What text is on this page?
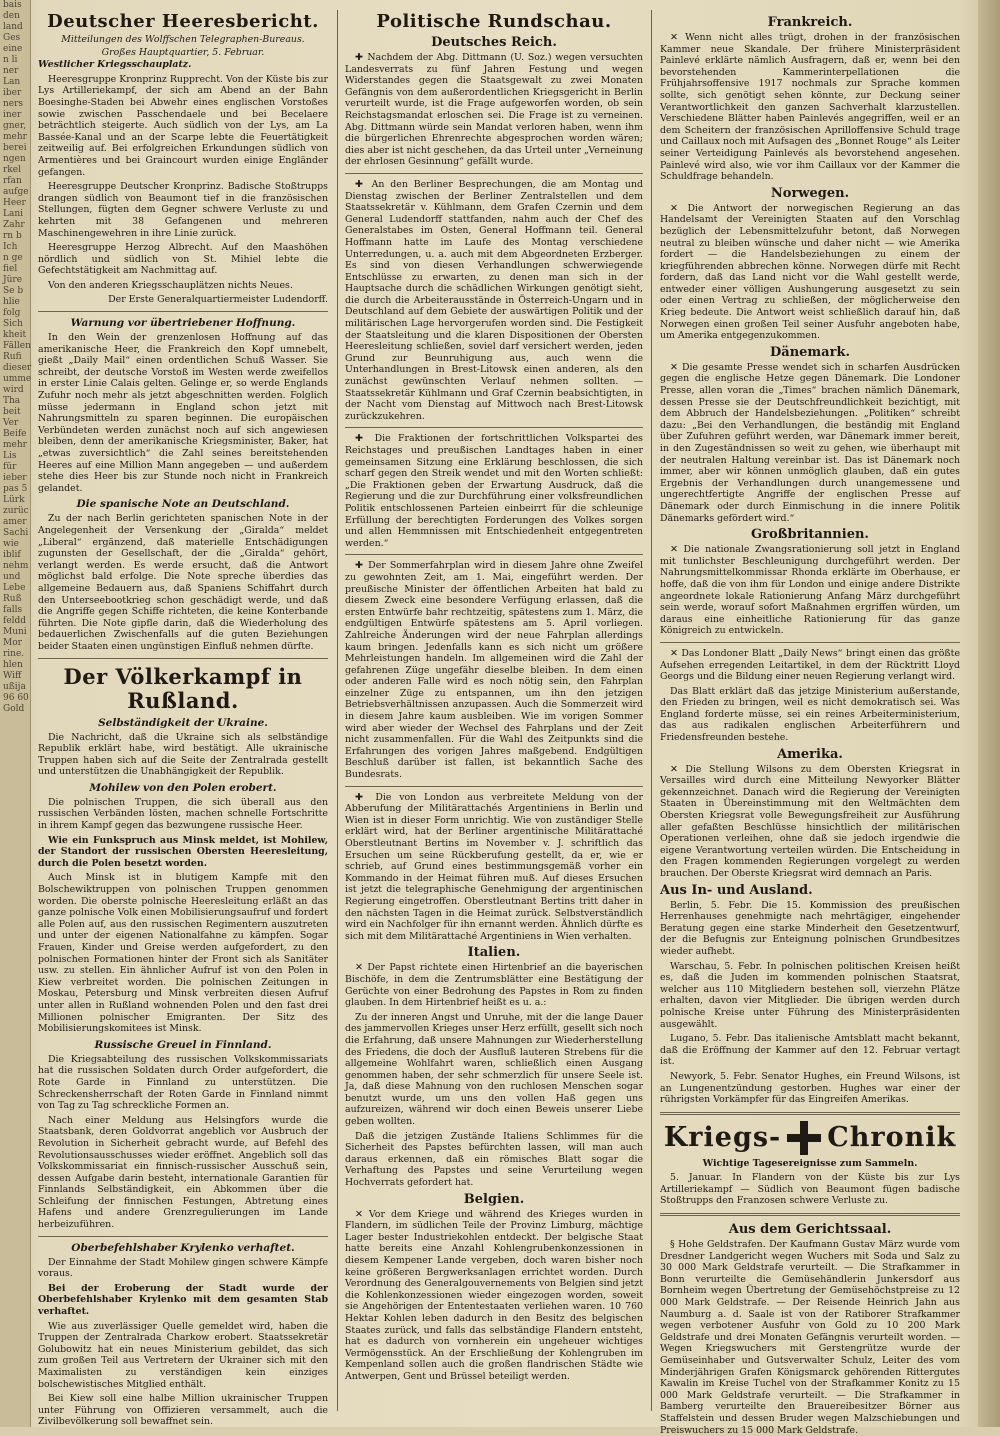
bais
den
land
Ges
eine
n li
ner
Lan
iber
ners
iner
gner,
mehr
berei
ngen
rkel
rfan
aufge
Heer
Lani
Zahr
rn b
Ich
n ge
fiel
Jüre
Se b
hlie
folg
Sich
kheit
Fällen
Rufi
dieser
umme
wird
Tha
beit
Ver
Beife
mehr
Lis
für
ieber
pas 5
Lürk
zurüc
amer
Sachi
wie
iblif
nehm
und
Lebe
Ruß
falls
feldd
Muni
Mor
rine.
hlen
Wiff
ußija
96 60
Gold
Deutscher Heeresbericht.
Mitteilungen des Wolffschen Telegraphen-Bureaus.
Großes Hauptquartier, 5. Februar.

Westlicher Kriegsschauplatz.

Heeresgruppe Kronprinz Rupprecht. Von der Küste bis zur Lys Artilleriekampf, der sich am Abend an der Bahn Boesinghe-Staden bei Abwehr eines englischen Vorstoßes sowie zwischen Passchendaele und bei Becelaere beträchtlich steigerte. Auch südlich von der Lys, am La Bassée-Kanal und an der Scarpe lebte die Feuertätigkeit zeitweilig auf. Bei erfolgreichen Erkundungen südlich von Armentières und bei Graincourt wurden einige Engländer gefangen.

Heeresgruppe Deutscher Kronprinz. Badische Stoßtrupps drangen südlich von Beaumont tief in die französischen Stellungen, fügten dem Gegner schwere Verluste zu und kehrten mit 38 Gefangenen und mehreren Maschinengewehren in ihre Linie zurück.

Heeresgruppe Herzog Albrecht. Auf den Maashöhen nördlich und südlich von St. Mihiel lebte die Gefechtstätigkeit am Nachmittag auf.

Von den anderen Kriegsschauplätzen nichts Neues.

Der Erste Generalquartiermeister Ludendorff.

Warnung vor übertriebener Hoffnung.

In den Wein der grenzenlosen Hoffnung auf das amerikanische Heer, die Frankreich den Kopf umnebelt, gießt „Daily Mail“ einen ordentlichen Schuß Wasser. Sie schreibt, der deutsche Vorstoß im Westen werde zweifellos in erster Linie Calais gelten. Gelinge er, so werde Englands Zufuhr noch mehr als jetzt abgeschnitten werden. Folglich müsse jedermann in England schon jetzt mit Nahrungsmitteln zu sparen beginnen. Die europäischen Verbündeten werden zunächst noch auf sich angewiesen bleiben, denn der amerikanische Kriegsminister, Baker, hat „etwas zuversichtlich“ die Zahl seines bereitstehenden Heeres auf eine Million Mann angegeben — und außerdem stehe dies Heer bis zur Stunde noch nicht in Frankreich gelandet.

Die spanische Note an Deutschland.

Zu der nach Berlin gerichteten spanischen Note in der Angelegenheit der Versenkung der „Giralda“ meldet „Liberal“ ergänzend, daß materielle Entschädigungen zugunsten der Gesellschaft, der die „Giralda“ gehört, verlangt werden. Es werde ersucht, daß die Antwort möglichst bald erfolge. Die Note spreche überdies das allgemeine Bedauern aus, daß Spaniens Schiffahrt durch den Unterseebootkrieg schon geschädigt werde, und daß die Angriffe gegen Schiffe richteten, die keine Konterbande führten. Die Note gipfle darin, daß die Wiederholung des bedauerlichen Zwischenfalls auf die guten Beziehungen beider Staaten einen ungünstigen Einfluß nehmen dürfte.

Der Völkerkampf in Rußland.
Selbständigkeit der Ukraine.

Die Nachricht, daß die Ukraine sich als selbständige Republik erklärt habe, wird bestätigt. Alle ukrainische Truppen haben sich auf die Seite der Zentralrada gestellt und unterstützen die Unabhängigkeit der Republik.

Mohilew von den Polen erobert.

Die polnischen Truppen, die sich überall aus den russischen Verbänden lösten, machen schnelle Fortschritte in ihrem Kampf gegen das bezwungene russische Heer.

Wie ein Funkspruch aus Minsk meldet, ist Mohilew, der Standort der russischen Obersten Heeresleitung, durch die Polen besetzt worden.

Auch Minsk ist in blutigem Kampfe mit den Bolschewiktruppen von polnischen Truppen genommen worden. Die oberste polnische Heeresleitung erläßt an das ganze polnische Volk einen Mobilisierungsaufruf und fordert alle Polen auf, aus den russischen Regimentern auszutreten und unter der eigenen Nationalfahne zu kämpfen. Sogar Frauen, Kinder und Greise werden aufgefordert, zu den polnischen Formationen hinter der Front sich als Sanitäter usw. zu stellen. Ein ähnlicher Aufruf ist von den Polen in Kiew verbreitet worden. Die polnischen Zeitungen in Moskau, Petersburg und Minsk verbreiten diesen Aufruf unter allen in Rußland wohnenden Polen und den fast drei Millionen polnischer Emigranten. Der Sitz des Mobilisierungskomitees ist Minsk.

Russische Greuel in Finnland.

Die Kriegsabteilung des russischen Volkskommissariats hat die russischen Soldaten durch Order aufgefordert, die Rote Garde in Finnland zu unterstützen. Die Schreckensherrschaft der Roten Garde in Finnland nimmt von Tag zu Tag schreckliche Formen an.

Nach einer Meldung aus Helsingfors wurde die Staatsbank, deren Goldvorrat angeblich vor Ausbruch der Revolution in Sicherheit gebracht wurde, auf Befehl des Revolutionsausschusses wieder eröffnet. Angeblich soll das Volkskommissariat ein finnisch-russischer Ausschuß sein, dessen Aufgabe darin besteht, internationale Garantien für Finnlands Selbständigkeit, ein Abkommen über die Schleifung der finnischen Festungen, Abtretung eines Hafens und andere Grenzregulierungen im Lande herbeizuführen.

Oberbefehlshaber Krylenko verhaftet.

Der Einnahme der Stadt Mohilew gingen schwere Kämpfe voraus.

Bei der Eroberung der Stadt wurde der Oberbefehlshaber Krylenko mit dem gesamten Stab verhaftet.

Wie aus zuverlässiger Quelle gemeldet wird, haben die Truppen der Zentralrada Charkow erobert. Staatssekretär Golubowitz hat ein neues Ministerium gebildet, das sich zum großen Teil aus Vertretern der Ukrainer sich mit den Maximalisten zu verständigen kein einziges bolschewistisches Mitglied enthält.

Bei Kiew soll eine halbe Million ukrainischer Truppen unter Führung von Offizieren versammelt, auch die Zivilbevölkerung soll bewaffnet sein.

Politische Rundschau.
Deutsches Reich.

✚ Nachdem der Abg. Dittmann (U. Soz.) wegen versuchten Landesverrats zu fünf Jahren Festung und wegen Widerstandes gegen die Staatsgewalt zu zwei Monaten Gefängnis von dem außerordentlichen Kriegsgericht in Berlin verurteilt wurde, ist die Frage aufgeworfen worden, ob sein Reichstagsmandat erloschen sei. Die Frage ist zu verneinen. Abg. Dittmann würde sein Mandat verloren haben, wenn ihm die bürgerlichen Ehrenrechte abgesprochen worden wären; dies aber ist nicht geschehen, da das Urteil unter „Verneinung der ehrlosen Gesinnung“ gefällt wurde.

✚ An den Berliner Besprechungen, die am Montag und Dienstag zwischen der Berliner Zentralstellen und dem Staatssekretär v. Kühlmann, dem Grafen Czernin und dem General Ludendorff stattfanden, nahm auch der Chef des Generalstabes im Osten, General Hoffmann teil. General Hoffmann hatte im Laufe des Montag verschiedene Unterredungen, u. a. auch mit dem Abgeordneten Erzberger. Es sind von diesen Verhandlungen schwerwiegende Entschlüsse zu erwarten, zu denen man sich in der Hauptsache durch die schädlichen Wirkungen genötigt sieht, die durch die Arbeiterausstände in Österreich-Ungarn und in Deutschland auf dem Gebiete der auswärtigen Politik und der militärischen Lage hervorgerufen worden sind. Die Festigkeit der Staatsleitung und die klaren Dispositionen der Obersten Heeresleitung schließen, soviel darf versichert werden, jeden Grund zur Beunruhigung aus, auch wenn die Unterhandlungen in Brest-Litowsk einen anderen, als den zunächst gewünschten Verlauf nehmen sollten. — Staatssekretär Kühlmann und Graf Czernin beabsichtigten, in der Nacht vom Dienstag auf Mittwoch nach Brest-Litowsk zurückzukehren.

✚ Die Fraktionen der fortschrittlichen Volkspartei des Reichstages und preußischen Landtages haben in einer gemeinsamen Sitzung eine Erklärung beschlossen, die sich scharf gegen den Streik wendet und mit den Worten schließt: „Die Fraktionen geben der Erwartung Ausdruck, daß die Regierung und die zur Durchführung einer volksfreundlichen Politik entschlossenen Parteien einbeirrt für die schleunige Erfüllung der berechtigten Forderungen des Volkes sorgen und allen Hemmnissen mit Entschiedenheit entgegentreten werden.“

✚ Der Sommerfahrplan wird in diesem Jahre ohne Zweifel zu gewohnten Zeit, am 1. Mai, eingeführt werden. Der preußische Minister der öffentlichen Arbeiten hat bald zu diesem Zweck eine besondere Verfügung erlassen, daß die ersten Entwürfe bahr rechtzeitig, spätestens zum 1. März, die endgültigen Entwürfe spätestens am 5. April vorliegen. Zahlreiche Änderungen wird der neue Fahrplan allerdings kaum bringen. Jedenfalls kann es sich nicht um größere Mehrleistungen handeln. Im allgemeinen wird die Zahl der gefahrenen Züge ungefähr dieselbe bleiben. In dem einen oder anderen Falle wird es noch nötig sein, den Fahrplan einzelner Züge zu entspannen, um ihn den jetzigen Betriebsverhältnissen anzupassen. Auch die Sommerzeit wird in diesem Jahre kaum ausbleiben. Wie im vorigen Sommer wird aber wieder der Wechsel des Fahrplans und der Zeit nicht zusammenfallen. Für die Wahl des Zeitpunkts sind die Erfahrungen des vorigen Jahres maßgebend. Endgültigen Beschluß darüber ist fallen, ist bekanntlich Sache des Bundesrats.

✚ Die von London aus verbreitete Meldung von der Abberufung der Militärattachés Argentiniens in Berlin und Wien ist in dieser Form unrichtig. Wie von zuständiger Stelle erklärt wird, hat der Berliner argentinische Militärattaché Oberstleutnant Bertins im November v. J. schriftlich das Ersuchen um seine Rückberufung gestellt, da er, wie er schrieb, auf Grund eines bestimmungsgemäß vorher ein Kommando in der Heimat führen muß. Auf dieses Ersuchen ist jetzt die telegraphische Genehmigung der argentinischen Regierung eingetroffen. Oberstleutnant Bertins tritt daher in den nächsten Tagen in die Heimat zurück. Selbstverständlich wird ein Nachfolger für ihn ernannt werden. Ähnlich dürfte es sich mit dem Militärattaché Argentiniens in Wien verhalten.

Italien.

✕ Der Papst richtete einen Hirtenbrief an die bayerischen Bischöfe, in dem die Zentrumsblätter eine Bestätigung der Gerüchte von einer Bedrohung des Papstes in Rom zu finden glauben. In dem Hirtenbrief heißt es u. a.:

Zu der inneren Angst und Unruhe, mit der die lange Dauer des jammervollen Krieges unser Herz erfüllt, gesellt sich noch die Erfahrung, daß unsere Mahnungen zur Wiederherstellung des Friedens, die doch der Ausfluß lauteren Strebens für die allgemeine Wohlfahrt waren, schließlich einen Ausgang genommen haben, der sehr schmerzlich für unsere Seele ist. Ja, daß diese Mahnung von den ruchlosen Menschen sogar benutzt wurde, um uns den vollen Haß gegen uns aufzureizen, während wir doch einen Beweis unserer Liebe geben wollten.

Daß die jetzigen Zustände Italiens Schlimmes für die Sicherheit des Papstes befürchten lassen, will man auch daraus erkennen, daß ein römisches Blatt sogar die Verhaftung des Papstes und seine Verurteilung wegen Hochverrats gefordert hat.

Belgien.

✕ Vor dem Kriege und während des Krieges wurden in Flandern, im südlichen Teile der Provinz Limburg, mächtige Lager bester Industriekohlen entdeckt. Der belgische Staat hatte bereits eine Anzahl Kohlengrubenkonzessionen in diesem Kempener Lande vergeben, doch waren bisher noch keine größeren Bergwerksanlagen errichtet worden. Durch Verordnung des Generalgouvernements von Belgien sind jetzt die Kohlenkonzessionen wieder eingezogen worden, soweit sie Angehörigen der Ententestaaten verliehen waren. 10 760 Hektar Kohlen leben dadurch in den Besitz des belgischen Staates zurück, und falls das selbständige Flandern entsteht, hat es dadurch von vornherein ein ungeheuer wichtiges Vermögensstück. An der Erschließung der Kohlengruben im Kempenland sollen auch die großen flandrischen Städte wie Antwerpen, Gent und Brüssel beteiligt werden.

Frankreich.

✕ Wenn nicht alles trügt, drohen in der französischen Kammer neue Skandale. Der frühere Ministerpräsident Painlevé erklärte nämlich Ausfragern, daß er, wenn bei den bevorstehenden Kammerinterpellationen die Frühjahrsoffensive 1917 nochmals zur Sprache kommen sollte, sich genötigt sehen könnte, zur Deckung seiner Verantwortlichkeit den ganzen Sachverhalt klarzustellen. Verschiedene Blätter haben Painlevés angegriffen, weil er an dem Scheitern der französischen Aprilloffensive Schuld trage und Caillaux noch mit Aufsagen des „Bonnet Rouge“ als Leiter seiner Verteidigung Painlevés als bevorstehend angesehen. Painlevé wird also, wie vor ihm Caillaux vor der Kammer die Schuldfrage behandeln.

Norwegen.

✕ Die Antwort der norwegischen Regierung an das Handelsamt der Vereinigten Staaten auf den Vorschlag bezüglich der Lebensmittelzufuhr betont, daß Norwegen neutral zu bleiben wünsche und daher nicht — wie Amerika fordert — die Handelsbeziehungen zu einem der kriegführenden abbrechen könne. Norwegen dürfe mit Recht fordern, daß das Land nicht vor die Wahl gestellt werde, entweder einer völligen Aushungerung ausgesetzt zu sein oder einen Vertrag zu schließen, der möglicherweise den Krieg bedeute. Die Antwort weist schließlich darauf hin, daß Norwegen einen großen Teil seiner Ausfuhr angeboten habe, um Amerika entgegenzukommen.

Dänemark.

✕ Die gesamte Presse wendet sich in scharfen Ausdrücken gegen die englische Hetze gegen Dänemark. Die Londoner Presse, allen voran die „Times“ brachen nämlich Dänemark, dessen Presse sie der Deutschfreundlichkeit bezichtigt, mit dem Abbruch der Handelsbeziehungen. „Politiken“ schreibt dazu: „Bei den Verhandlungen, die beständig mit England über Zufuhren geführt werden, war Dänemark immer bereit, in den Zugeständnissen so weit zu gehen, wie überhaupt mit der neutralen Haltung vereinbar ist. Das ist Dänemark noch immer, aber wir können unmöglich glauben, daß ein gutes Ergebnis der Verhandlungen durch unangemessene und ungerechtfertigte Angriffe der englischen Presse auf Dänemark oder durch Einmischung in die innere Politik Dänemarks gefördert wird.“

Großbritannien.

✕ Die nationale Zwangsrationierung soll jetzt in England mit tunlichster Beschleunigung durchgeführt werden. Der Nahrungsmittelkommissar Rhonda erklärte im Oberhause, er hoffe, daß die von ihm für London und einige andere Distrikte angeordnete lokale Rationierung Anfang März durchgeführt sein werde, worauf sofort Maßnahmen ergriffen würden, um daraus eine einheitliche Rationierung für das ganze Königreich zu entwickeln.

✕ Das Londoner Blatt „Daily News“ bringt einen das größte Aufsehen erregenden Leitartikel, in dem der Rücktritt Lloyd Georgs und die Bildung einer neuen Regierung verlangt wird.

Das Blatt erklärt daß das jetzige Ministerium außerstande, den Frieden zu bringen, weil es nicht demokratisch sei. Was England forderte müsse, sei ein reines Arbeiterministerium, das aus radikalen englischen Arbeiterführern und Friedensfreunden bestehe.

Amerika.

✕ Die Stellung Wilsons zu dem Obersten Kriegsrat in Versailles wird durch eine Mitteilung Newyorker Blätter gekennzeichnet. Danach wird die Regierung der Vereinigten Staaten in Übereinstimmung mit den Weltmächten dem Obersten Kriegsrat volle Bewegungsfreiheit zur Ausführung aller gefaßten Beschlüsse hinsichtlich der militärischen Operationen verleihen, ohne daß sie jedoch irgendwie die eigene Verantwortung verteilen würden. Die Entscheidung in den Fragen kommenden Regierungen vorgelegt zu werden brauchen. Der Oberste Kriegsrat wird demnach an Paris.

Aus In- und Ausland.

Berlin, 5. Febr. Die 15. Kommission des preußischen Herrenhauses genehmigte nach mehrtägiger, eingehender Beratung gegen eine starke Minderheit den Gesetzentwurf, der die Befugnis zur Enteignung polnischen Grundbesitzes wieder aufhebt.

Warschau, 5. Febr. In polnischen politischen Kreisen heißt es, daß die Juden im kommenden polnischen Staatsrat, welcher aus 110 Mitgliedern bestehen soll, vierzehn Plätze erhalten, davon vier Mitglieder. Die übrigen werden durch polnische Kreise unter Führung des Ministerpräsidenten ausgewählt.

Lugano, 5. Febr. Das italienische Amtsblatt macht bekannt, daß die Eröffnung der Kammer auf den 12. Februar vertagt ist.

Newyork, 5. Febr. Senator Hughes, ein Freund Wilsons, ist an Lungenentzündung gestorben. Hughes war einer der rührigsten Vorkämpfer für das Eingreifen Amerikas.

Kriegs- Chronik
Wichtige Tagesereignisse zum Sammeln.

5. Januar. In Flandern von der Küste bis zur Lys Artilleriekampf — Südlich von Beaumont fügen badische Stoßtrupps den Franzosen schwere Verluste zu.

Aus dem Gerichtssaal.

§ Hohe Geldstrafen. Der Kaufmann Gustav März wurde vom Dresdner Landgericht wegen Wuchers mit Soda und Salz zu 30 000 Mark Geldstrafe verurteilt. — Die Strafkammer in Bonn verurteilte die Gemüsehändlerin Junkersdorf aus Bornheim wegen Übertretung der Gemüsehöchstpreise zu 12 000 Mark Geldstrafe. — Der Reisende Heinrich Jahn aus Naumburg a. d. Saale ist von der Ratiborer Strafkammer wegen verbotener Ausfuhr von Gold zu 10 200 Mark Geldstrafe und drei Monaten Gefängnis verurteilt worden. — Wegen Kriegswuchers mit Gerstengrütze wurde der Gemüseinhaber und Gutsverwalter Schulz, Leiter des vom Minderjährigen Grafen Königsmarck gehörenden Rittergutes Kawalin im Kreise Tuchel von der Strafkammer Konitz zu 15 000 Mark Geldstrafe verurteilt. — Die Strafkammer in Bamberg verurteilte den Brauereibesitzer Börner aus Staffelstein und dessen Bruder wegen Malzschiebungen und Preiswuchers zu 15 000 Mark Geldstrafe.
